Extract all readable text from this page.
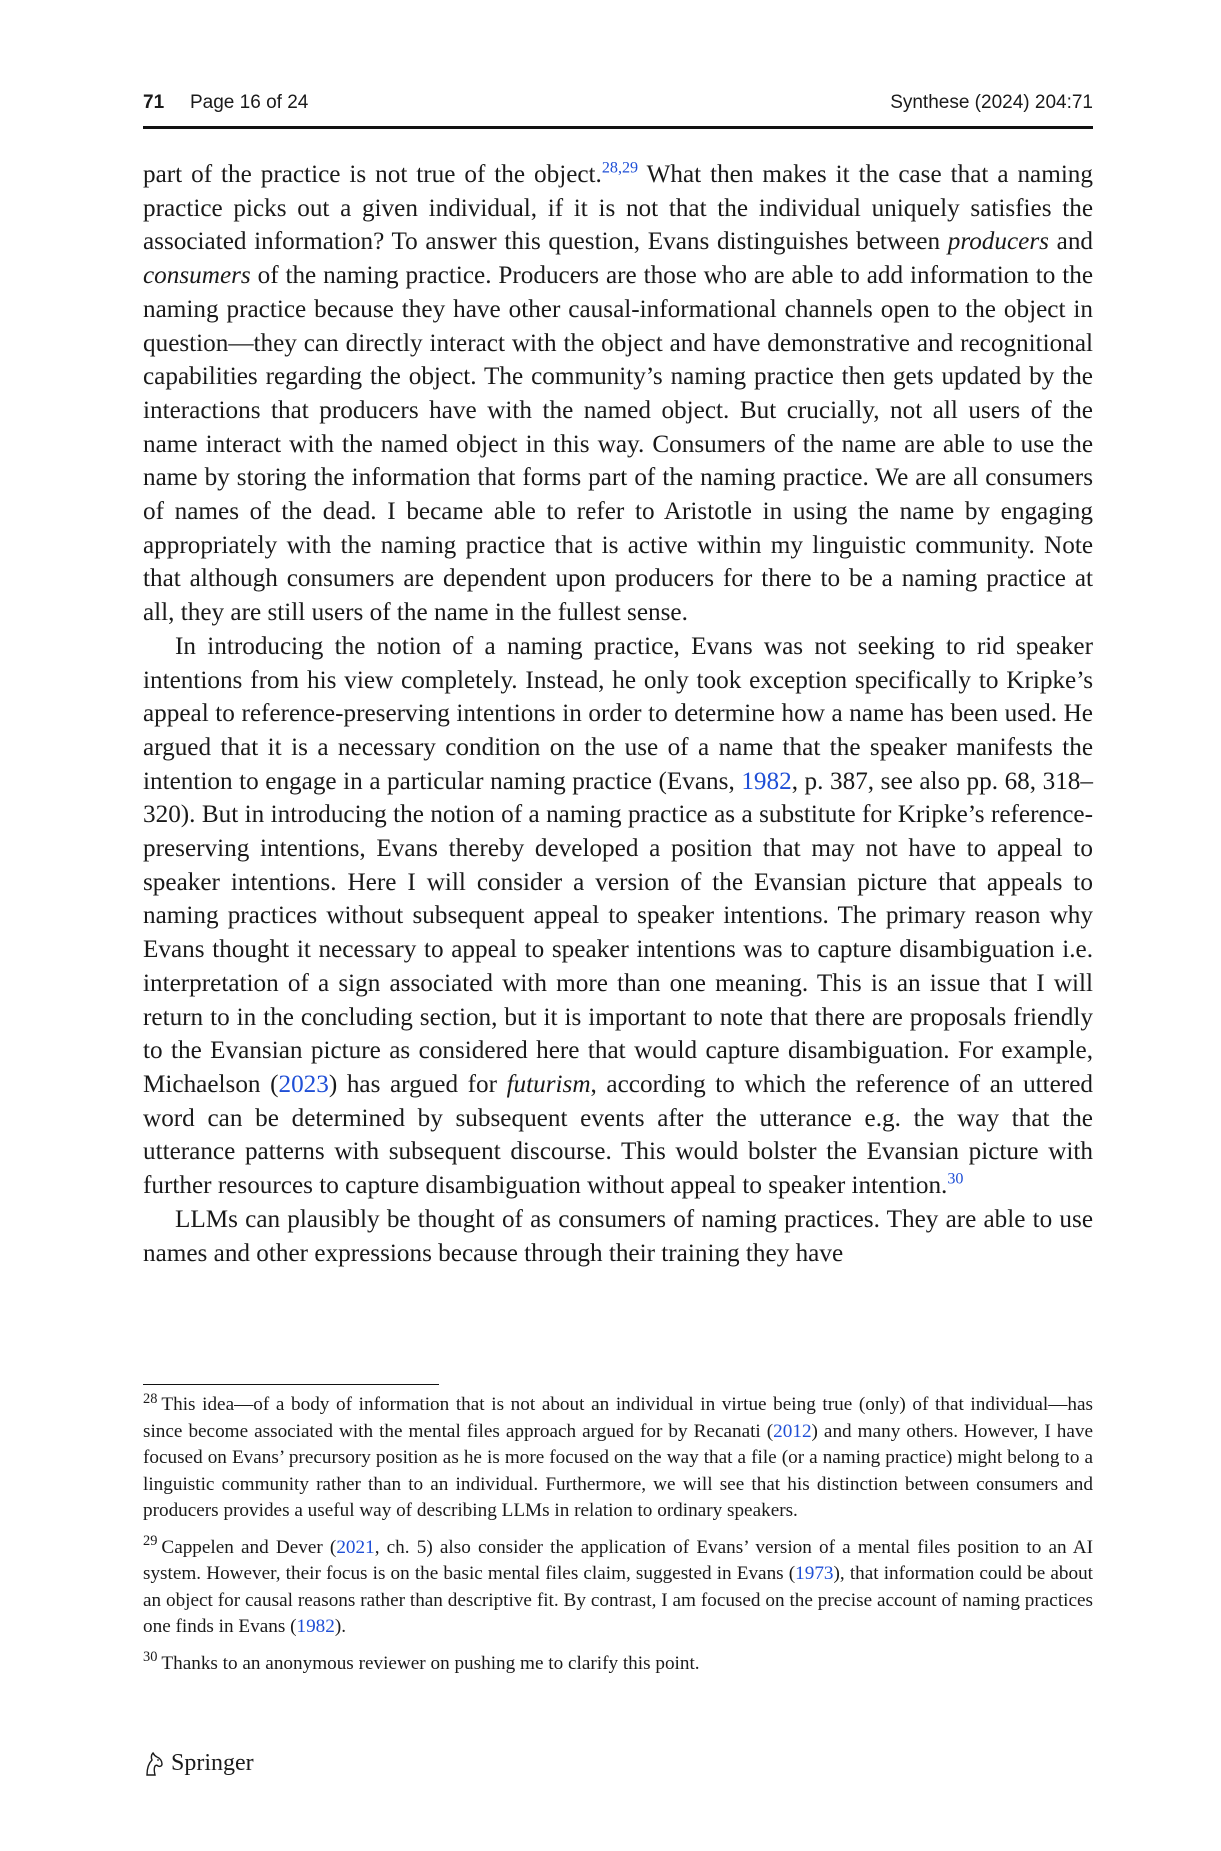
71 Page 16 of 24	Synthese (2024) 204:71

part of the practice is not true of the object.$^{28,29}$ What then makes it the case that a naming practice picks out a given individual, if it is not that the individual uniquely satisfies the associated information? To answer this question, Evans distinguishes between producers and consumers of the naming practice. Producers are those who are able to add information to the naming practice because they have other causal-informational channels open to the object in question—they can directly interact with the object and have demonstrative and recognitional capabilities regarding the object. The community’s naming practice then gets updated by the interactions that producers have with the named object. But crucially, not all users of the name interact with the named object in this way. Consumers of the name are able to use the name by storing the information that forms part of the naming practice. We are all consumers of names of the dead. I became able to refer to Aristotle in using the name by engaging appropriately with the naming practice that is active within my linguistic community. Note that although consumers are dependent upon producers for there to be a naming practice at all, they are still users of the name in the fullest sense.

In introducing the notion of a naming practice, Evans was not seeking to rid speaker intentions from his view completely. Instead, he only took exception specifically to Kripke’s appeal to reference-preserving intentions in order to determine how a name has been used. He argued that it is a necessary condition on the use of a name that the speaker manifests the intention to engage in a particular naming practice (Evans, 1982, p. 387, see also pp. 68, 318–320). But in introducing the notion of a naming practice as a substitute for Kripke’s reference-preserving intentions, Evans thereby developed a position that may not have to appeal to speaker intentions. Here I will consider a version of the Evansian picture that appeals to naming practices without subsequent appeal to speaker intentions. The primary reason why Evans thought it necessary to appeal to speaker intentions was to capture disambiguation i.e. interpretation of a sign associated with more than one meaning. This is an issue that I will return to in the concluding section, but it is important to note that there are proposals friendly to the Evansian picture as considered here that would capture disambiguation. For example, Michaelson (2023) has argued for futurism, according to which the reference of an uttered word can be determined by subsequent events after the utterance e.g. the way that the utterance patterns with subsequent discourse. This would bolster the Evansian picture with further resources to capture disambiguation without appeal to speaker intention.$^{30}$

LLMs can plausibly be thought of as consumers of naming practices. They are able to use names and other expressions because through their training they have

$^{28}$ This idea—of a body of information that is not about an individual in virtue being true (only) of that individual—has since become associated with the mental files approach argued for by Recanati (2012) and many others. However, I have focused on Evans’ precursory position as he is more focused on the way that a file (or a naming practice) might belong to a linguistic community rather than to an individual. Furthermore, we will see that his distinction between consumers and producers provides a useful way of describing LLMs in relation to ordinary speakers.

$^{29}$ Cappelen and Dever (2021, ch. 5) also consider the application of Evans’ version of a mental files position to an AI system. However, their focus is on the basic mental files claim, suggested in Evans (1973), that information could be about an object for causal reasons rather than descriptive fit. By contrast, I am focused on the precise account of naming practices one finds in Evans (1982).

$^{30}$ Thanks to an anonymous reviewer on pushing me to clarify this point.

Springer
